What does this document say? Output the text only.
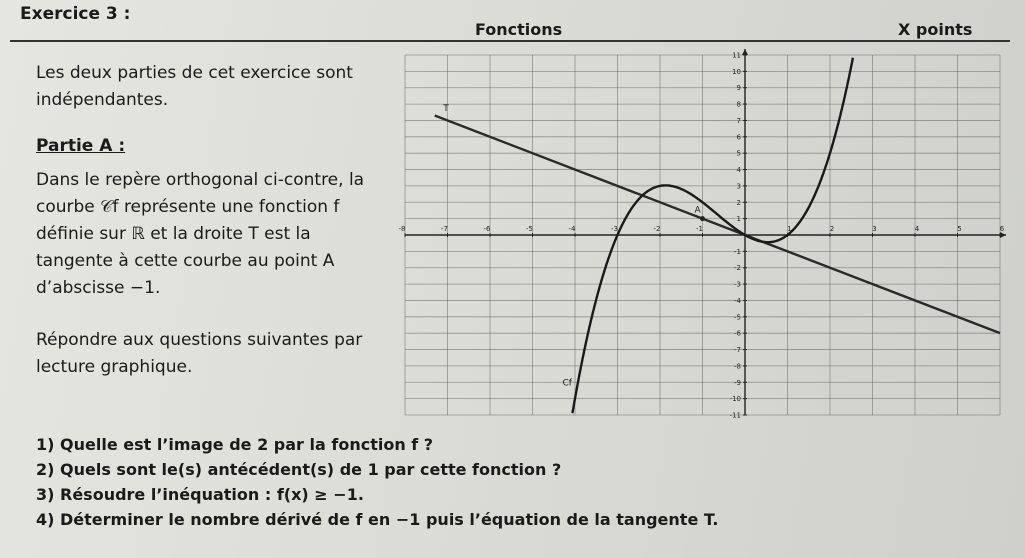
Exercice 3 :
Fonctions	X points
Les deux parties de cet exercice sont
indépendantes.
Partie A :
Dans le repère orthogonal ci-contre, la
courbe 𝒞f représente une fonction f
définie sur ℝ et la droite T est la
tangente à cette courbe au point A
d’abscisse −1.
Répondre aux questions suivantes par
lecture graphique.
-8	-7	-6	-5	-4	-3	-2	-1	1	2	3	4	5	6
11
10
9
8
7
6
5
4
3
2
1
-1
-2
-3
-4
-5
-6
-7
-8
-9
-10
-11
T
A
Cf
1) Quelle est l’image de 2 par la fonction f ?
2) Quels sont le(s) antécédent(s) de 1 par cette fonction ?
3) Résoudre l’inéquation : f(x) ≥ −1.
4) Déterminer le nombre dérivé de f en −1 puis l’équation de la tangente T.
